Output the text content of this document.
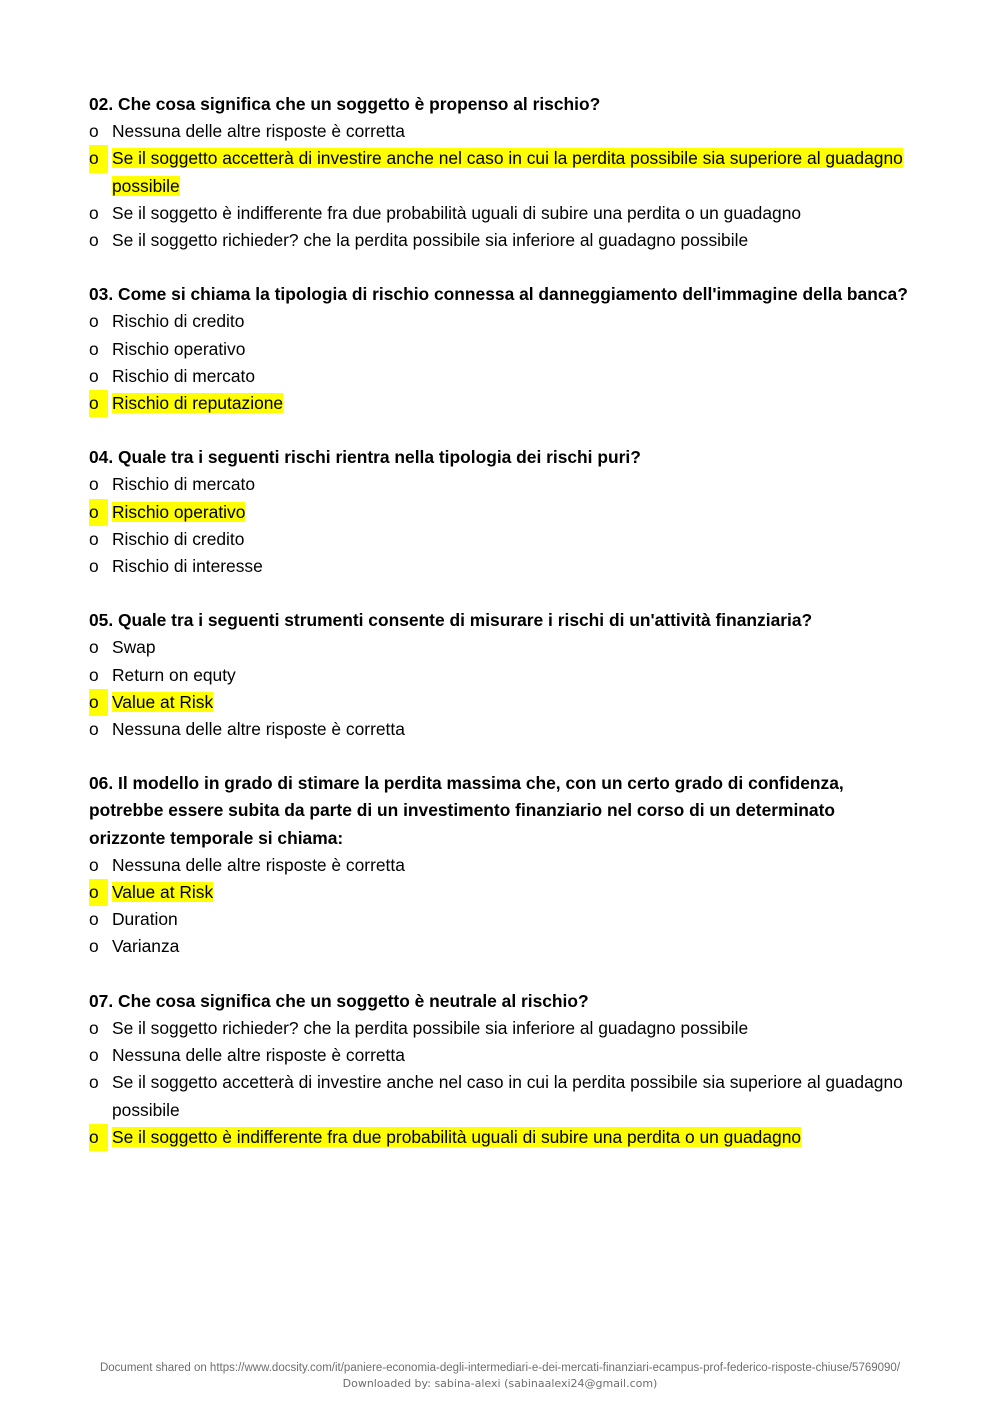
02. Che cosa significa che un soggetto è propenso al rischio?
o Nessuna delle altre risposte è corretta
o Se il soggetto accetterà di investire anche nel caso in cui la perdita possibile sia superiore al guadagno possibile
o Se il soggetto è indifferente fra due probabilità uguali di subire una perdita o un guadagno
o Se il soggetto richieder? che la perdita possibile sia inferiore al guadagno possibile
03. Come si chiama la tipologia di rischio connessa al danneggiamento dell'immagine della banca?
o Rischio di credito
o Rischio operativo
o Rischio di mercato
o Rischio di reputazione
04. Quale tra i seguenti rischi rientra nella tipologia dei rischi puri?
o Rischio di mercato
o Rischio operativo
o Rischio di credito
o Rischio di interesse
05. Quale tra i seguenti strumenti consente di misurare i rischi di un'attività finanziaria?
o Swap
o Return on equty
o Value at Risk
o Nessuna delle altre risposte è corretta
06. Il modello in grado di stimare la perdita massima che, con un certo grado di confidenza, potrebbe essere subita da parte di un investimento finanziario nel corso di un determinato orizzonte temporale si chiama:
o Nessuna delle altre risposte è corretta
o Value at Risk
o Duration
o Varianza
07. Che cosa significa che un soggetto è neutrale al rischio?
o Se il soggetto richieder? che la perdita possibile sia inferiore al guadagno possibile
o Nessuna delle altre risposte è corretta
o Se il soggetto accetterà di investire anche nel caso in cui la perdita possibile sia superiore al guadagno possibile
o Se il soggetto è indifferente fra due probabilità uguali di subire una perdita o un guadagno
Document shared on https://www.docsity.com/it/paniere-economia-degli-intermediari-e-dei-mercati-finanziari-ecampus-prof-federico-risposte-chiuse/5769090/
Downloaded by: sabina-alexi (sabinaalexi24@gmail.com)
